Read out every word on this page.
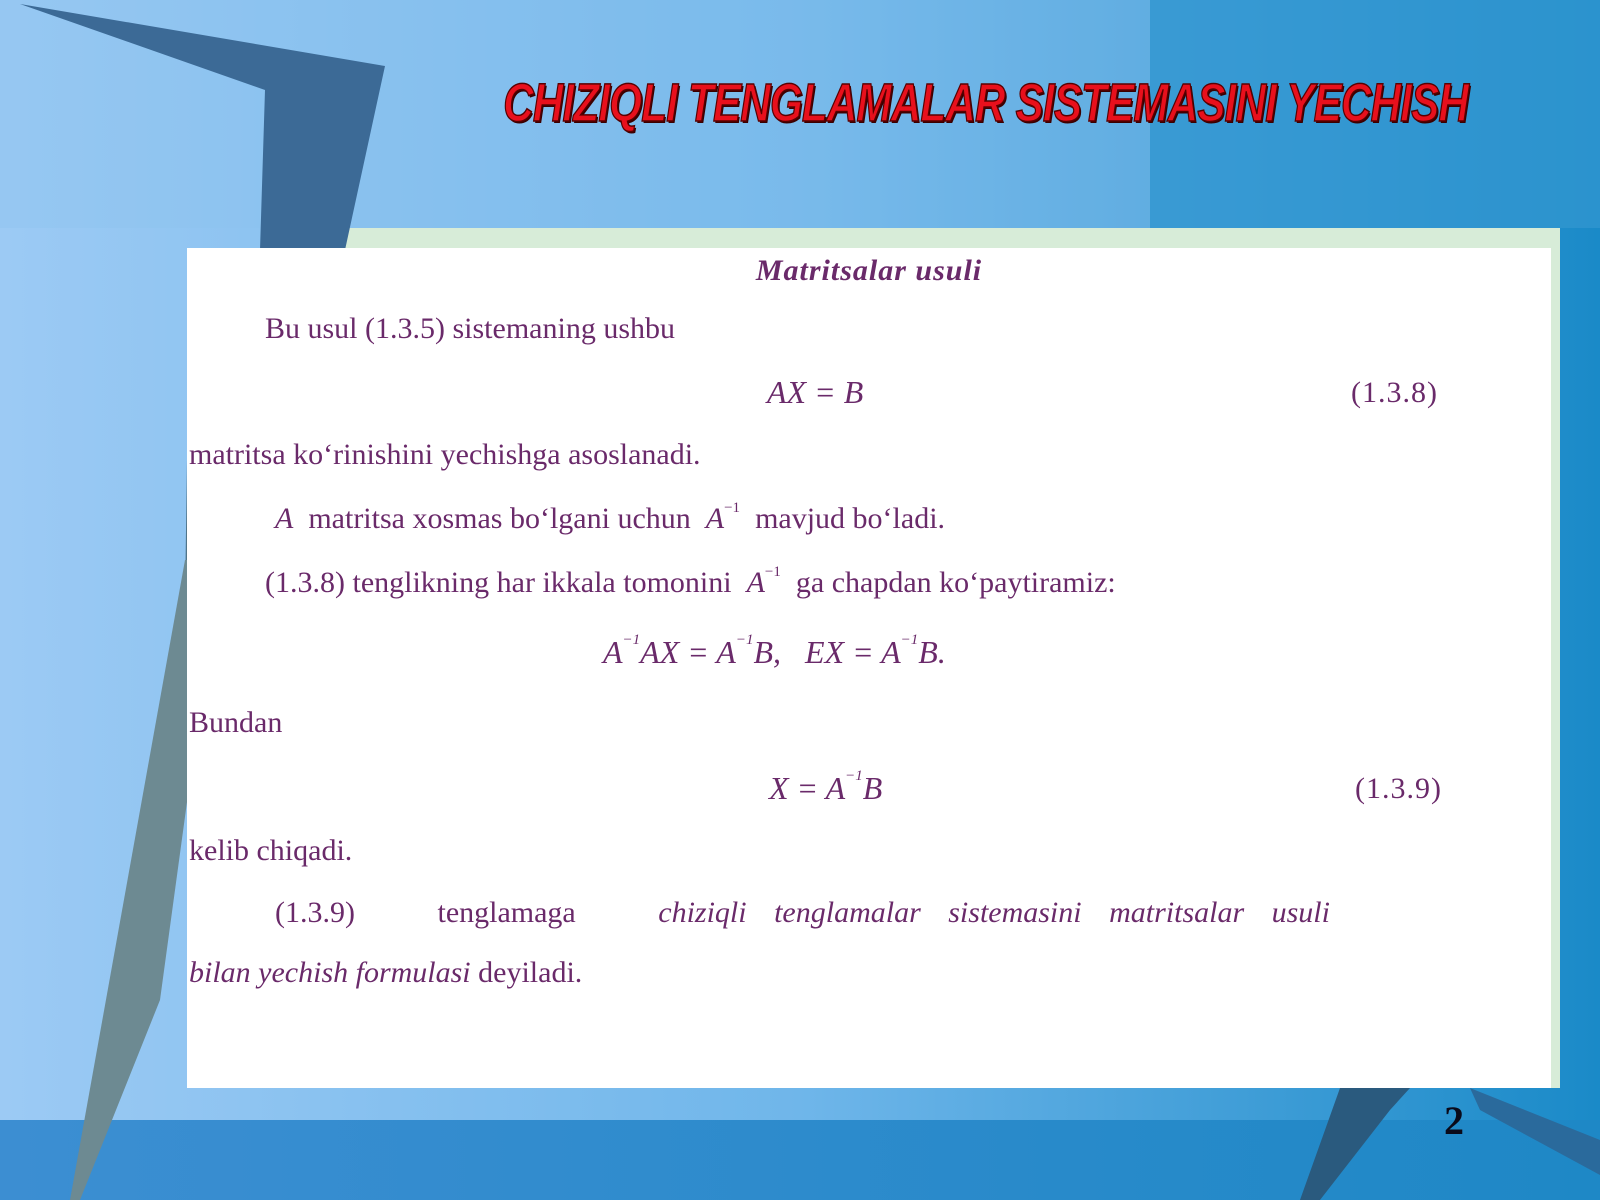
CHIZIQLI TENGLAMALAR SISTEMASINI YECHISH
Matritsalar usuli
Bu usul (1.3.5) sistemaning ushbu
AX = B	(1.3.8)
matritsa ko‘rinishini yechishga asoslanadi.
A matritsa xosmas bo‘lgani uchun $A^{-1}$ mavjud bo‘ladi.
(1.3.8) tenglikning har ikkala tomonini $A^{-1}$ ga chapdan ko‘paytiramiz:
$A^{-1}AX = A^{-1}B$, EX = $A^{-1}B$.
Bundan
$X = A^{-1}B$	(1.3.9)
kelib chiqadi.
(1.3.9)	tenglamaga	chiziqli tenglamalar sistemasini matritsalar usuli
bilan yechish formulasi deyiladi.
2
